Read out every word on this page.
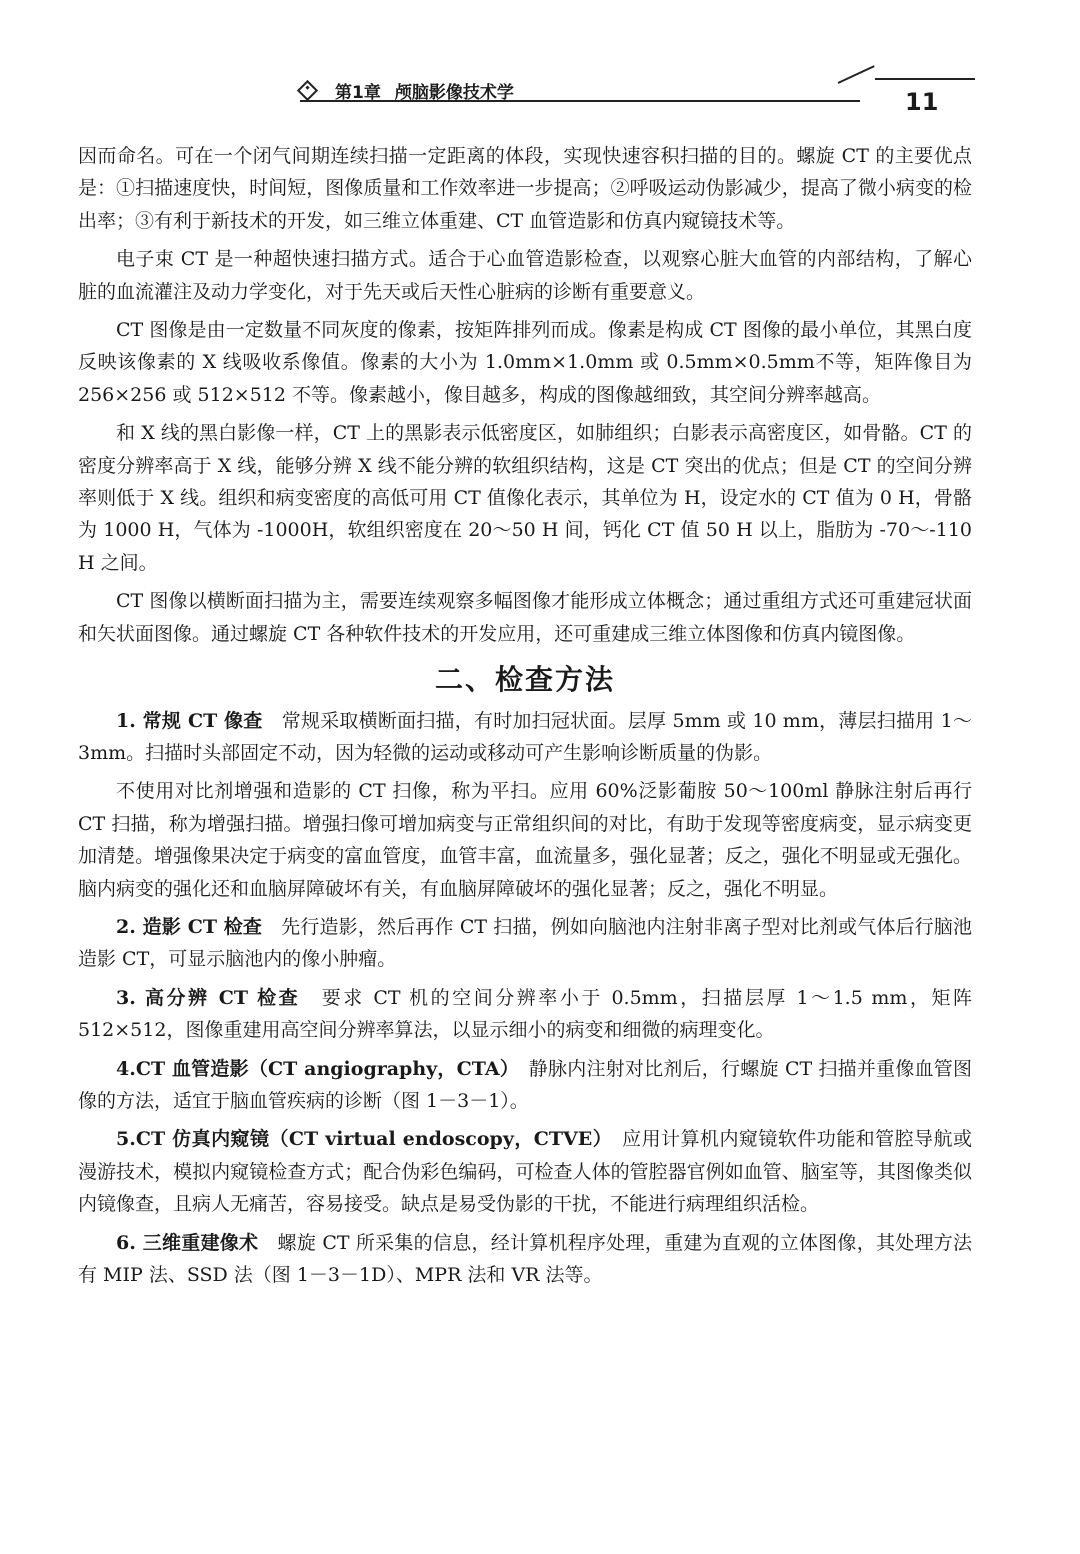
第1章 颅脑影像技术学	11

因而命名。可在一个闭气间期连续扫描一定距离的体段，实现快速容积扫描的目的。螺旋 CT 的主要优点是：①扫描速度快，时间短，图像质量和工作效率进一步提高；②呼吸运动伪影减少，提高了微小病变的检出率；③有利于新技术的开发，如三维立体重建、CT 血管造影和仿真内窥镜技术等。

电子束 CT 是一种超快速扫描方式。适合于心血管造影检查，以观察心脏大血管的内部结构，了解心脏的血流灌注及动力学变化，对于先天或后天性心脏病的诊断有重要意义。

CT 图像是由一定数量不同灰度的像素，按矩阵排列而成。像素是构成 CT 图像的最小单位，其黑白度反映该像素的 X 线吸收系像值。像素的大小为 1.0mm×1.0mm 或 0.5mm×0.5mm不等，矩阵像目为 256×256 或 512×512 不等。像素越小，像目越多，构成的图像越细致，其空间分辨率越高。

和 X 线的黑白影像一样，CT 上的黑影表示低密度区，如肺组织；白影表示高密度区，如骨骼。CT 的密度分辨率高于 X 线，能够分辨 X 线不能分辨的软组织结构，这是 CT 突出的优点；但是 CT 的空间分辨率则低于 X 线。组织和病变密度的高低可用 CT 值像化表示，其单位为 H，设定水的 CT 值为 0 H，骨骼为 1000 H，气体为 -1000H，软组织密度在 20～50 H 间，钙化 CT 值 50 H 以上，脂肪为 -70～-110 H 之间。

CT 图像以横断面扫描为主，需要连续观察多幅图像才能形成立体概念；通过重组方式还可重建冠状面和矢状面图像。通过螺旋 CT 各种软件技术的开发应用，还可重建成三维立体图像和仿真内镜图像。

二、检查方法

1. 常规 CT 像查　常规采取横断面扫描，有时加扫冠状面。层厚 5mm 或 10 mm，薄层扫描用 1～3mm。扫描时头部固定不动，因为轻微的运动或移动可产生影响诊断质量的伪影。

不使用对比剂增强和造影的 CT 扫像，称为平扫。应用 60%泛影葡胺 50～100ml 静脉注射后再行 CT 扫描，称为增强扫描。增强扫像可增加病变与正常组织间的对比，有助于发现等密度病变，显示病变更加清楚。增强像果决定于病变的富血管度，血管丰富，血流量多，强化显著；反之，强化不明显或无强化。脑内病变的强化还和血脑屏障破坏有关，有血脑屏障破坏的强化显著；反之，强化不明显。

2. 造影 CT 检查　先行造影，然后再作 CT 扫描，例如向脑池内注射非离子型对比剂或气体后行脑池造影 CT，可显示脑池内的像小肿瘤。

3. 高分辨 CT 检查　要求 CT 机的空间分辨率小于 0.5mm，扫描层厚 1～1.5 mm，矩阵 512×512，图像重建用高空间分辨率算法，以显示细小的病变和细微的病理变化。

4.CT 血管造影（CT angiography，CTA）　静脉内注射对比剂后，行螺旋 CT 扫描并重像血管图像的方法，适宜于脑血管疾病的诊断（图 1－3－1）。

5.CT 仿真内窥镜（CT virtual endoscopy，CTVE）　应用计算机内窥镜软件功能和管腔导航或漫游技术，模拟内窥镜检查方式；配合伪彩色编码，可检查人体的管腔器官例如血管、脑室等，其图像类似内镜像查，且病人无痛苦，容易接受。缺点是易受伪影的干扰，不能进行病理组织活检。

6. 三维重建像术　螺旋 CT 所采集的信息，经计算机程序处理，重建为直观的立体图像，其处理方法有 MIP 法、SSD 法（图 1－3－1D）、MPR 法和 VR 法等。
